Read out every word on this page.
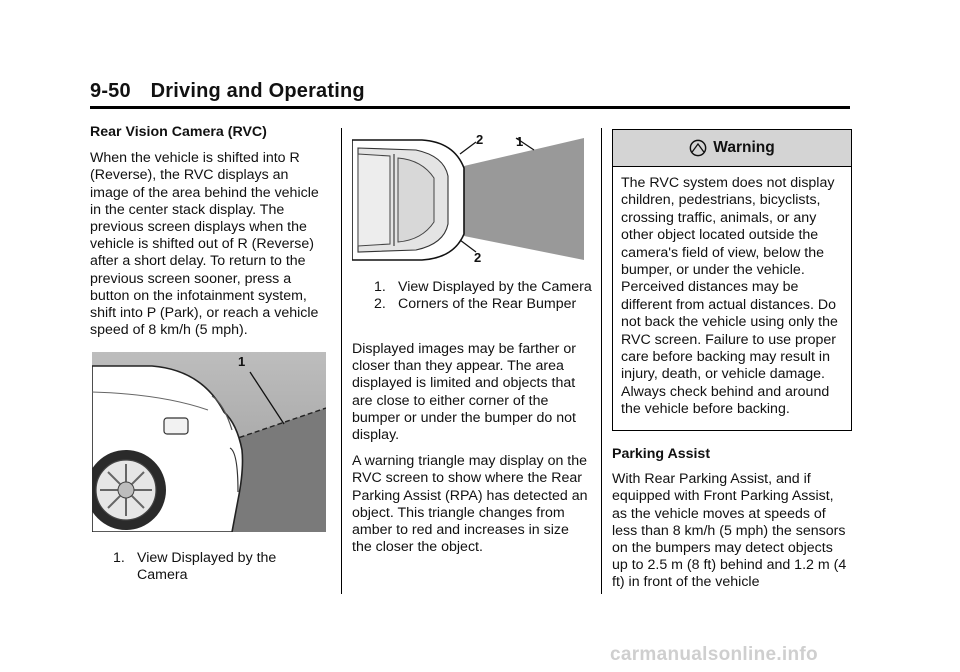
9-50 Driving and Operating

Rear Vision Camera (RVC)

When the vehicle is shifted into R (Reverse), the RVC displays an image of the area behind the vehicle in the center stack display. The previous screen displays when the vehicle is shifted out of R (Reverse) after a short delay. To return to the previous screen sooner, press a button on the infotainment system, shift into P (Park), or reach a vehicle speed of 8 km/h (5 mph).

1
1. View Displayed by the Camera
2	1
2
1. View Displayed by the Camera
2. Corners of the Rear Bumper

Displayed images may be farther or closer than they appear. The area displayed is limited and objects that are close to either corner of the bumper or under the bumper do not display.

A warning triangle may display on the RVC screen to show where the Rear Parking Assist (RPA) has detected an object. This triangle changes from amber to red and increases in size the closer the object.

Warning
The RVC system does not display children, pedestrians, bicyclists, crossing traffic, animals, or any other object located outside the camera's field of view, below the bumper, or under the vehicle. Perceived distances may be different from actual distances. Do not back the vehicle using only the RVC screen. Failure to use proper care before backing may result in injury, death, or vehicle damage. Always check behind and around the vehicle before backing.

Parking Assist

With Rear Parking Assist, and if equipped with Front Parking Assist, as the vehicle moves at speeds of less than 8 km/h (5 mph) the sensors on the bumpers may detect objects up to 2.5 m (8 ft) behind and 1.2 m (4 ft) in front of the vehicle

carmanualsonline.info
